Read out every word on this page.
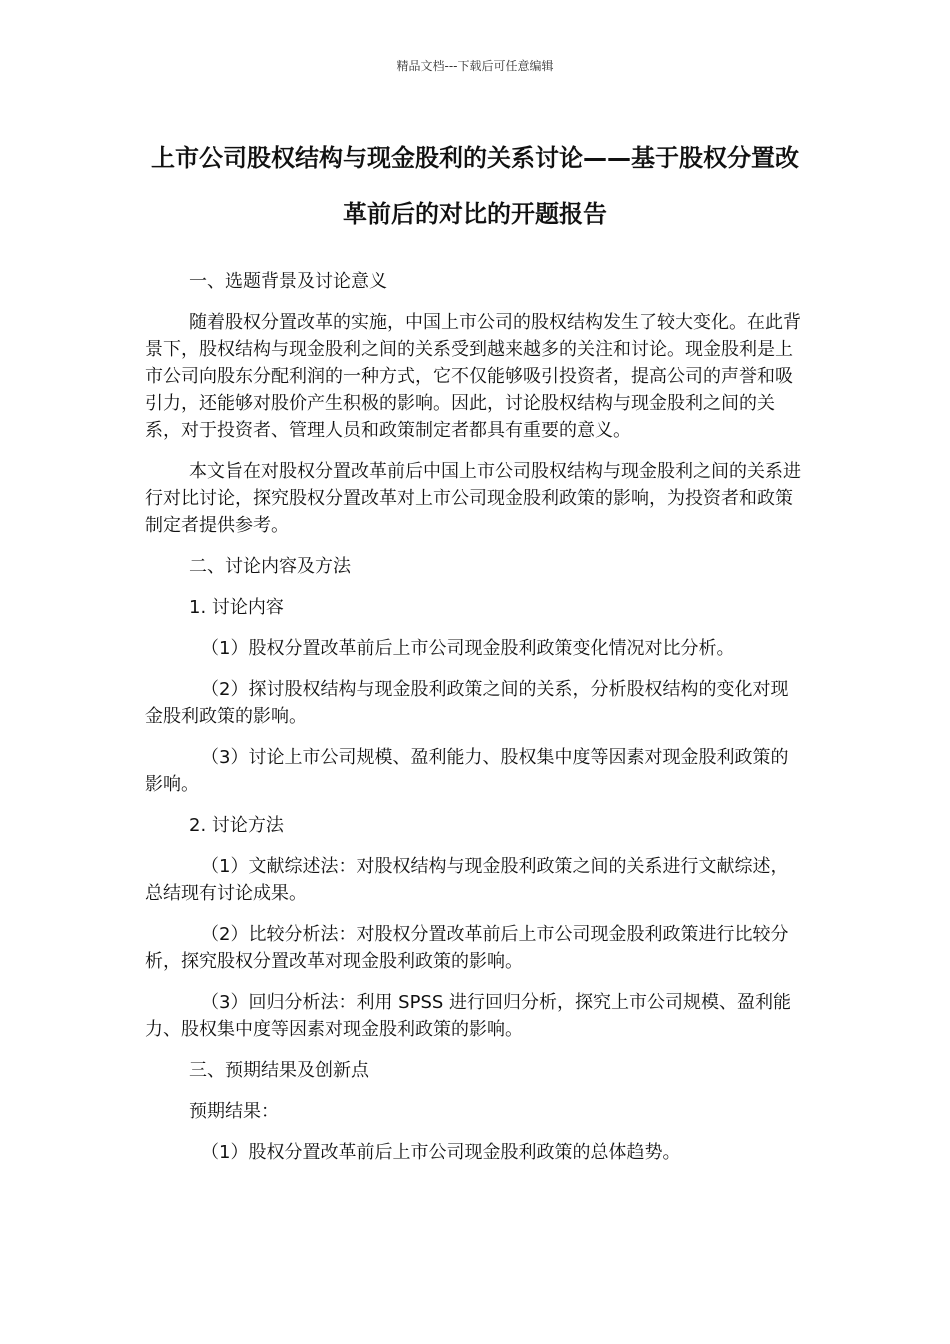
精品文档---下载后可任意编辑
上市公司股权结构与现金股利的关系讨论——基于股权分置改革前后的对比的开题报告

一、选题背景及讨论意义

随着股权分置改革的实施，中国上市公司的股权结构发生了较大变化。在此背景下，股权结构与现金股利之间的关系受到越来越多的关注和讨论。现金股利是上市公司向股东分配利润的一种方式，它不仅能够吸引投资者，提高公司的声誉和吸引力，还能够对股价产生积极的影响。因此，讨论股权结构与现金股利之间的关系，对于投资者、管理人员和政策制定者都具有重要的意义。

本文旨在对股权分置改革前后中国上市公司股权结构与现金股利之间的关系进行对比讨论，探究股权分置改革对上市公司现金股利政策的影响，为投资者和政策制定者提供参考。

二、讨论内容及方法

1. 讨论内容

（1）股权分置改革前后上市公司现金股利政策变化情况对比分析。

（2）探讨股权结构与现金股利政策之间的关系，分析股权结构的变化对现金股利政策的影响。

（3）讨论上市公司规模、盈利能力、股权集中度等因素对现金股利政策的影响。

2. 讨论方法

（1）文献综述法：对股权结构与现金股利政策之间的关系进行文献综述，总结现有讨论成果。

（2）比较分析法：对股权分置改革前后上市公司现金股利政策进行比较分析，探究股权分置改革对现金股利政策的影响。

（3）回归分析法：利用 SPSS 进行回归分析，探究上市公司规模、盈利能力、股权集中度等因素对现金股利政策的影响。

三、预期结果及创新点

预期结果：

（1）股权分置改革前后上市公司现金股利政策的总体趋势。
